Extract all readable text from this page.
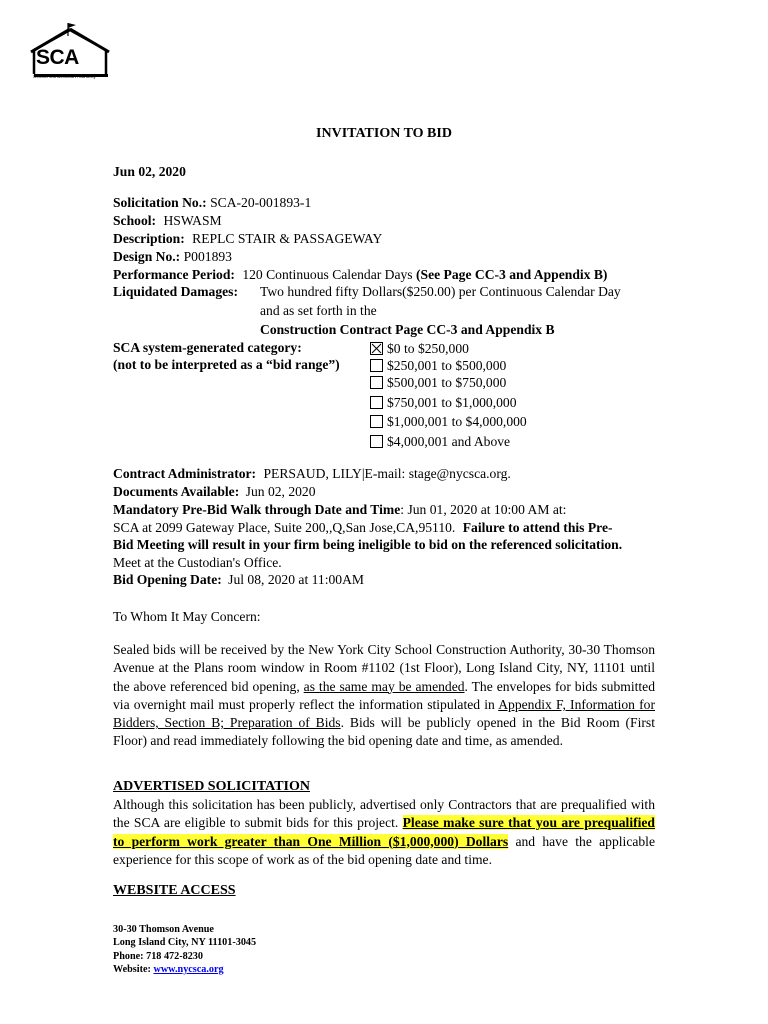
SCA
School Construction Authority
INVITATION TO BID
Jun 02, 2020
Solicitation No.: SCA-20-001893-1
School: HSWASM
Description: REPLC STAIR & PASSAGEWAY
Design No.: P001893
Performance Period: 120 Continuous Calendar Days (See Page CC-3 and Appendix B)
Liquidated Damages: Two hundred fifty Dollars($250.00) per Continuous Calendar Day
and as set forth in the
Construction Contract Page CC-3 and Appendix B
SCA system-generated category:
(not to be interpreted as a “bid range”)
$0 to $250,000
$250,001 to $500,000
$500,001 to $750,000
$750,001 to $1,000,000
$1,000,001 to $4,000,000
$4,000,001 and Above
Contract Administrator: PERSAUD, LILY|E-mail: stage@nycsca.org.
Documents Available: Jun 02, 2020
Mandatory Pre-Bid Walk through Date and Time: Jun 01, 2020 at 10:00 AM at:
SCA at 2099 Gateway Place, Suite 200,,Q,San Jose,CA,95110. Failure to attend this Pre-
Bid Meeting will result in your firm being ineligible to bid on the referenced solicitation.
Meet at the Custodian's Office.
Bid Opening Date: Jul 08, 2020 at 11:00AM
To Whom It May Concern:
Sealed bids will be received by the New York City School Construction Authority, 30-30 Thomson Avenue at the Plans room window in Room #1102 (1st Floor), Long Island City, NY, 11101 until the above referenced bid opening, as the same may be amended. The envelopes for bids submitted via overnight mail must properly reflect the information stipulated in Appendix F, Information for Bidders, Section B; Preparation of Bids. Bids will be publicly opened in the Bid Room (First Floor) and read immediately following the bid opening date and time, as amended.
ADVERTISED SOLICITATION
Although this solicitation has been publicly, advertised only Contractors that are prequalified with the SCA are eligible to submit bids for this project. Please make sure that you are prequalified to perform work greater than One Million ($1,000,000) Dollars and have the applicable experience for this scope of work as of the bid opening date and time.
WEBSITE ACCESS
30-30 Thomson Avenue
Long Island City, NY 11101-3045
Phone: 718 472-8230
Website: www.nycsca.org
